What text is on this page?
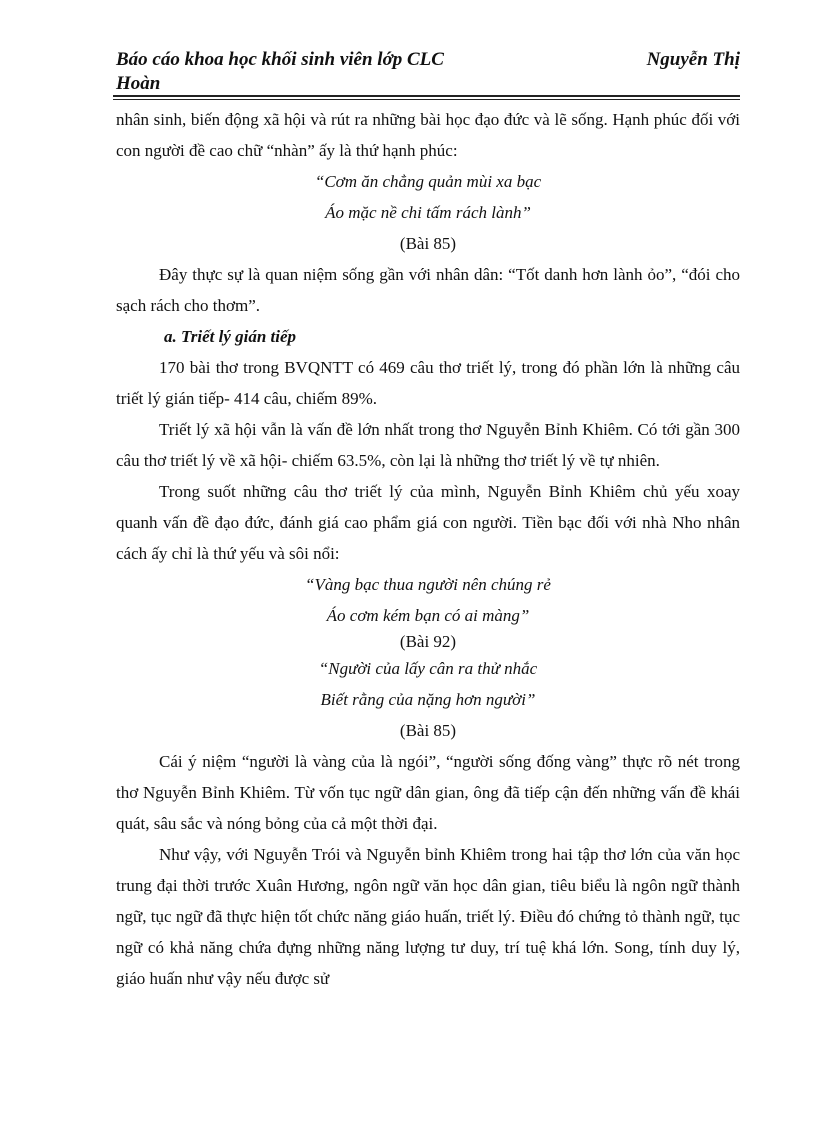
Báo cáo khoa học khối sinh viên lớp CLC	Nguyễn Thị
Hoàn

nhân sinh, biến động xã hội và rút ra những bài học đạo đức và lẽ sống. Hạnh phúc đối với con người đề cao chữ “nhàn” ấy là thứ hạnh phúc:

“Cơm ăn chẳng quản mùi xa bạc

Áo mặc nề chi tấm rách lành”

(Bài 85)

Đây thực sự là quan niệm sống gần với nhân dân: “Tốt danh hơn lành ỏo”, “đói cho sạch rách cho thơm”.

a. Triết lý gián tiếp

170 bài thơ trong BVQNTT có 469 câu thơ triết lý, trong đó phần lớn là những câu triết lý gián tiếp- 414 câu, chiếm 89%.

Triết lý xã hội vẫn là vấn đề lớn nhất trong thơ Nguyễn Bỉnh Khiêm. Có tới gần 300 câu thơ triết lý về xã hội- chiếm 63.5%, còn lại là những thơ triết lý về tự nhiên.

Trong suốt những câu thơ triết lý của mình, Nguyễn Bỉnh Khiêm chủ yếu xoay quanh vấn đề đạo đức, đánh giá cao phẩm giá con người. Tiền bạc đối với nhà Nho nhân cách ấy chỉ là thứ yếu và sôi nổi:

“Vàng bạc thua người nên chúng rẻ

Áo cơm kém bạn có ai màng”

(Bài 92)

“Người của lấy cân ra thử nhắc

Biết rằng của nặng hơn người”

(Bài 85)

Cái ý niệm “người là vàng của là ngói”, “người sống đống vàng” thực rõ nét trong thơ Nguyễn Bỉnh Khiêm. Từ vốn tục ngữ dân gian, ông đã tiếp cận đến những vấn đề khái quát, sâu sắc và nóng bỏng của cả một thời đại.

Như vậy, với Nguyễn Trói và Nguyễn bỉnh Khiêm trong hai tập thơ lớn của văn học trung đại thời trước Xuân Hương, ngôn ngữ văn học dân gian, tiêu biểu là ngôn ngữ thành ngữ, tục ngữ đã thực hiện tốt chức năng giáo huấn, triết lý. Điều đó chứng tỏ thành ngữ, tục ngữ có khả năng chứa đựng những năng lượng tư duy, trí tuệ khá lớn. Song, tính duy lý, giáo huấn như vậy nếu được sử
